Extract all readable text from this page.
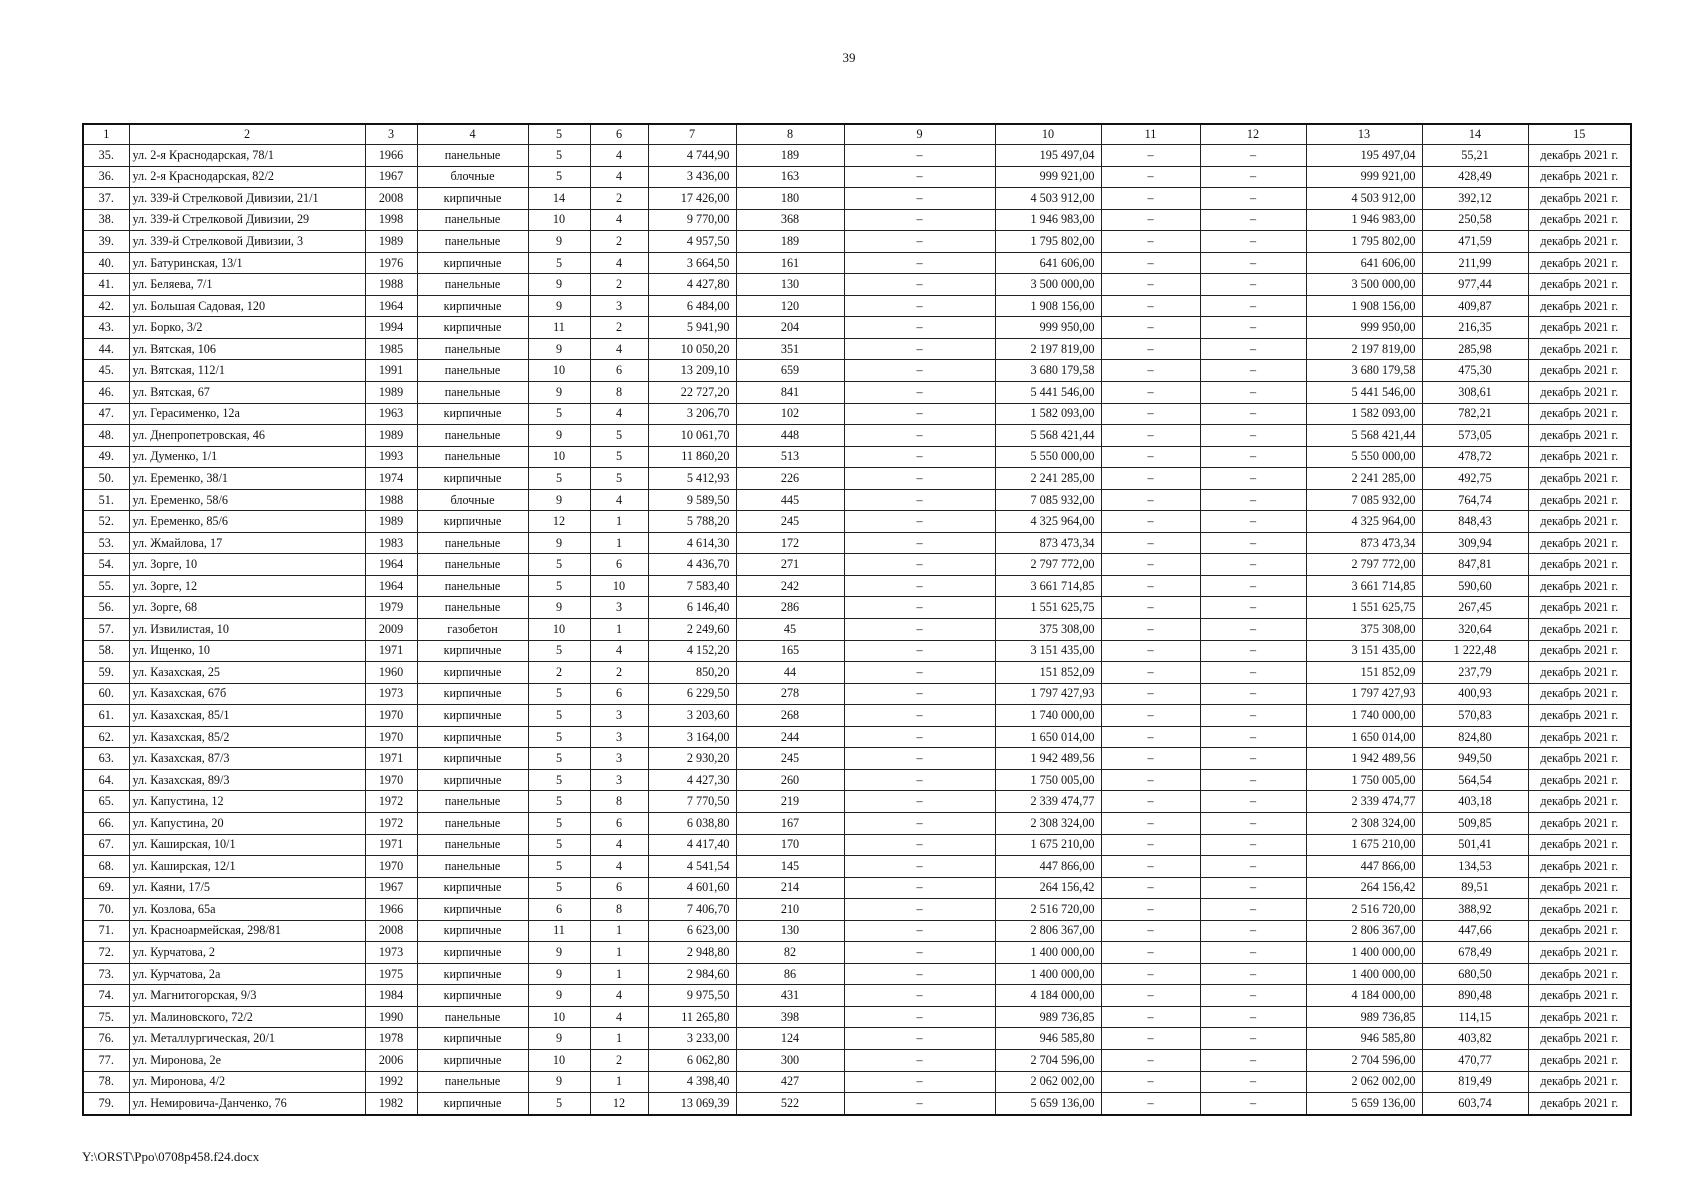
39
1	2	3	4	5	6	7	8	9	10	11	12	13	14	15
35.	ул. 2-я Краснодарская, 78/1	1966	панельные	5	4	4 744,90	189	–	195 497,04	–	–	195 497,04	55,21	декабрь 2021 г.
36.	ул. 2-я Краснодарская, 82/2	1967	блочные	5	4	3 436,00	163	–	999 921,00	–	–	999 921,00	428,49	декабрь 2021 г.
37.	ул. 339-й Стрелковой Дивизии, 21/1	2008	кирпичные	14	2	17 426,00	180	–	4 503 912,00	–	–	4 503 912,00	392,12	декабрь 2021 г.
38.	ул. 339-й Стрелковой Дивизии, 29	1998	панельные	10	4	9 770,00	368	–	1 946 983,00	–	–	1 946 983,00	250,58	декабрь 2021 г.
39.	ул. 339-й Стрелковой Дивизии, 3	1989	панельные	9	2	4 957,50	189	–	1 795 802,00	–	–	1 795 802,00	471,59	декабрь 2021 г.
40.	ул. Батуринская, 13/1	1976	кирпичные	5	4	3 664,50	161	–	641 606,00	–	–	641 606,00	211,99	декабрь 2021 г.
41.	ул. Беляева, 7/1	1988	панельные	9	2	4 427,80	130	–	3 500 000,00	–	–	3 500 000,00	977,44	декабрь 2021 г.
42.	ул. Большая Садовая, 120	1964	кирпичные	9	3	6 484,00	120	–	1 908 156,00	–	–	1 908 156,00	409,87	декабрь 2021 г.
43.	ул. Борко, 3/2	1994	кирпичные	11	2	5 941,90	204	–	999 950,00	–	–	999 950,00	216,35	декабрь 2021 г.
44.	ул. Вятская, 106	1985	панельные	9	4	10 050,20	351	–	2 197 819,00	–	–	2 197 819,00	285,98	декабрь 2021 г.
45.	ул. Вятская, 112/1	1991	панельные	10	6	13 209,10	659	–	3 680 179,58	–	–	3 680 179,58	475,30	декабрь 2021 г.
46.	ул. Вятская, 67	1989	панельные	9	8	22 727,20	841	–	5 441 546,00	–	–	5 441 546,00	308,61	декабрь 2021 г.
47.	ул. Герасименко, 12а	1963	кирпичные	5	4	3 206,70	102	–	1 582 093,00	–	–	1 582 093,00	782,21	декабрь 2021 г.
48.	ул. Днепропетровская, 46	1989	панельные	9	5	10 061,70	448	–	5 568 421,44	–	–	5 568 421,44	573,05	декабрь 2021 г.
49.	ул. Думенко, 1/1	1993	панельные	10	5	11 860,20	513	–	5 550 000,00	–	–	5 550 000,00	478,72	декабрь 2021 г.
50.	ул. Еременко, 38/1	1974	кирпичные	5	5	5 412,93	226	–	2 241 285,00	–	–	2 241 285,00	492,75	декабрь 2021 г.
51.	ул. Еременко, 58/6	1988	блочные	9	4	9 589,50	445	–	7 085 932,00	–	–	7 085 932,00	764,74	декабрь 2021 г.
52.	ул. Еременко, 85/6	1989	кирпичные	12	1	5 788,20	245	–	4 325 964,00	–	–	4 325 964,00	848,43	декабрь 2021 г.
53.	ул. Жмайлова, 17	1983	панельные	9	1	4 614,30	172	–	873 473,34	–	–	873 473,34	309,94	декабрь 2021 г.
54.	ул. Зорге, 10	1964	панельные	5	6	4 436,70	271	–	2 797 772,00	–	–	2 797 772,00	847,81	декабрь 2021 г.
55.	ул. Зорге, 12	1964	панельные	5	10	7 583,40	242	–	3 661 714,85	–	–	3 661 714,85	590,60	декабрь 2021 г.
56.	ул. Зорге, 68	1979	панельные	9	3	6 146,40	286	–	1 551 625,75	–	–	1 551 625,75	267,45	декабрь 2021 г.
57.	ул. Извилистая, 10	2009	газобетон	10	1	2 249,60	45	–	375 308,00	–	–	375 308,00	320,64	декабрь 2021 г.
58.	ул. Ищенко, 10	1971	кирпичные	5	4	4 152,20	165	–	3 151 435,00	–	–	3 151 435,00	1 222,48	декабрь 2021 г.
59.	ул. Казахская, 25	1960	кирпичные	2	2	850,20	44	–	151 852,09	–	–	151 852,09	237,79	декабрь 2021 г.
60.	ул. Казахская, 67б	1973	кирпичные	5	6	6 229,50	278	–	1 797 427,93	–	–	1 797 427,93	400,93	декабрь 2021 г.
61.	ул. Казахская, 85/1	1970	кирпичные	5	3	3 203,60	268	–	1 740 000,00	–	–	1 740 000,00	570,83	декабрь 2021 г.
62.	ул. Казахская, 85/2	1970	кирпичные	5	3	3 164,00	244	–	1 650 014,00	–	–	1 650 014,00	824,80	декабрь 2021 г.
63.	ул. Казахская, 87/3	1971	кирпичные	5	3	2 930,20	245	–	1 942 489,56	–	–	1 942 489,56	949,50	декабрь 2021 г.
64.	ул. Казахская, 89/3	1970	кирпичные	5	3	4 427,30	260	–	1 750 005,00	–	–	1 750 005,00	564,54	декабрь 2021 г.
65.	ул. Капустина, 12	1972	панельные	5	8	7 770,50	219	–	2 339 474,77	–	–	2 339 474,77	403,18	декабрь 2021 г.
66.	ул. Капустина, 20	1972	панельные	5	6	6 038,80	167	–	2 308 324,00	–	–	2 308 324,00	509,85	декабрь 2021 г.
67.	ул. Каширская, 10/1	1971	панельные	5	4	4 417,40	170	–	1 675 210,00	–	–	1 675 210,00	501,41	декабрь 2021 г.
68.	ул. Каширская, 12/1	1970	панельные	5	4	4 541,54	145	–	447 866,00	–	–	447 866,00	134,53	декабрь 2021 г.
69.	ул. Каяни, 17/5	1967	кирпичные	5	6	4 601,60	214	–	264 156,42	–	–	264 156,42	89,51	декабрь 2021 г.
70.	ул. Козлова, 65а	1966	кирпичные	6	8	7 406,70	210	–	2 516 720,00	–	–	2 516 720,00	388,92	декабрь 2021 г.
71.	ул. Красноармейская, 298/81	2008	кирпичные	11	1	6 623,00	130	–	2 806 367,00	–	–	2 806 367,00	447,66	декабрь 2021 г.
72.	ул. Курчатова, 2	1973	кирпичные	9	1	2 948,80	82	–	1 400 000,00	–	–	1 400 000,00	678,49	декабрь 2021 г.
73.	ул. Курчатова, 2а	1975	кирпичные	9	1	2 984,60	86	–	1 400 000,00	–	–	1 400 000,00	680,50	декабрь 2021 г.
74.	ул. Магнитогорская, 9/3	1984	кирпичные	9	4	9 975,50	431	–	4 184 000,00	–	–	4 184 000,00	890,48	декабрь 2021 г.
75.	ул. Малиновского, 72/2	1990	панельные	10	4	11 265,80	398	–	989 736,85	–	–	989 736,85	114,15	декабрь 2021 г.
76.	ул. Металлургическая, 20/1	1978	кирпичные	9	1	3 233,00	124	–	946 585,80	–	–	946 585,80	403,82	декабрь 2021 г.
77.	ул. Миронова, 2е	2006	кирпичные	10	2	6 062,80	300	–	2 704 596,00	–	–	2 704 596,00	470,77	декабрь 2021 г.
78.	ул. Миронова, 4/2	1992	панельные	9	1	4 398,40	427	–	2 062 002,00	–	–	2 062 002,00	819,49	декабрь 2021 г.
79.	ул. Немировича-Данченко, 76	1982	кирпичные	5	12	13 069,39	522	–	5 659 136,00	–	–	5 659 136,00	603,74	декабрь 2021 г.
Y:\ORST\Ppo\0708p458.f24.docx
